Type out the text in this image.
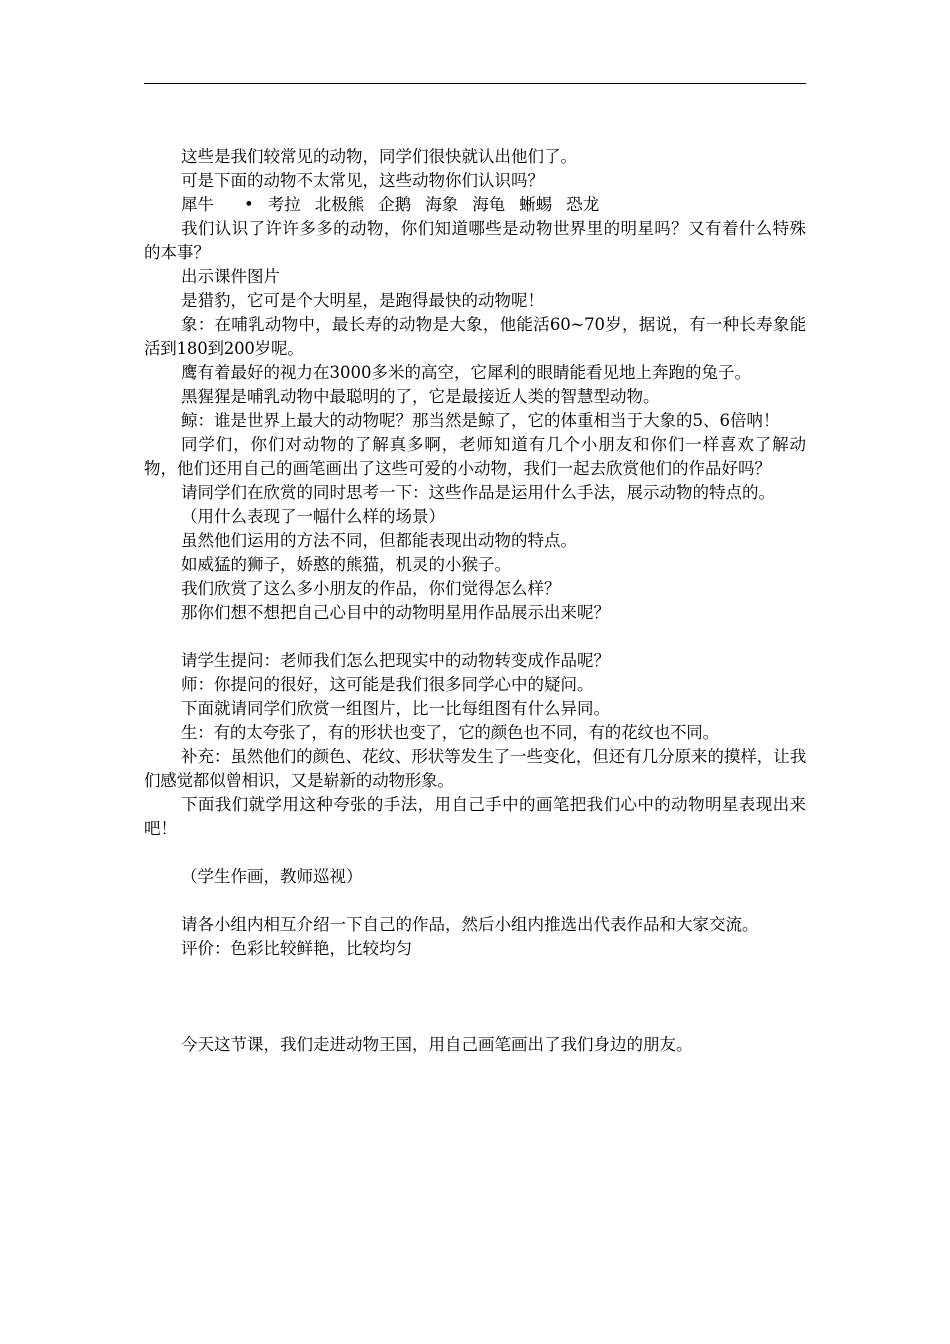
这些是我们较常见的动物，同学们很快就认出他们了。

可是下面的动物不太常见，这些动物你们认识吗？

犀牛 • 考拉 北极熊 企鹅 海象 海龟 蜥蜴 恐龙

我们认识了许许多多的动物，你们知道哪些是动物世界里的明星吗？又有着什么特殊的本事？

出示课件图片

是猎豹，它可是个大明星，是跑得最快的动物呢！

象：在哺乳动物中，最长寿的动物是大象，他能活60~70岁，据说，有一种长寿象能活到180到200岁呢。

鹰有着最好的视力在3000多米的高空，它犀利的眼睛能看见地上奔跑的兔子。

黑猩猩是哺乳动物中最聪明的了，它是最接近人类的智慧型动物。

鲸：谁是世界上最大的动物呢？那当然是鲸了，它的体重相当于大象的5、6倍呐！

同学们，你们对动物的了解真多啊，老师知道有几个小朋友和你们一样喜欢了解动物，他们还用自己的画笔画出了这些可爱的小动物，我们一起去欣赏他们的作品好吗？

请同学们在欣赏的同时思考一下：这些作品是运用什么手法，展示动物的特点的。

（用什么表现了一幅什么样的场景）

虽然他们运用的方法不同，但都能表现出动物的特点。

如威猛的狮子，娇憨的熊猫，机灵的小猴子。

我们欣赏了这么多小朋友的作品，你们觉得怎么样？

那你们想不想把自己心目中的动物明星用作品展示出来呢？

请学生提问：老师我们怎么把现实中的动物转变成作品呢？

师：你提问的很好，这可能是我们很多同学心中的疑问。

下面就请同学们欣赏一组图片，比一比每组图有什么异同。

生：有的太夸张了，有的形状也变了，它的颜色也不同，有的花纹也不同。

补充：虽然他们的颜色、花纹、形状等发生了一些变化，但还有几分原来的摸样，让我们感觉都似曾相识，又是崭新的动物形象。

下面我们就学用这种夸张的手法，用自己手中的画笔把我们心中的动物明星表现出来吧！

（学生作画，教师巡视）

请各小组内相互介绍一下自己的作品，然后小组内推选出代表作品和大家交流。

评价：色彩比较鲜艳，比较均匀

今天这节课，我们走进动物王国，用自己画笔画出了我们身边的朋友。
